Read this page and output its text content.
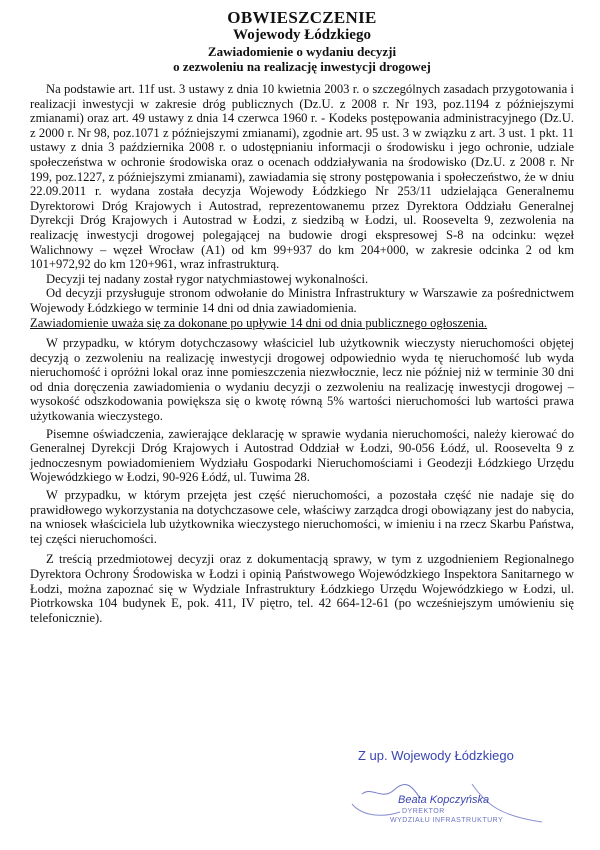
OBWIESZCZENIE
Wojewody Łódzkiego
Zawiadomienie o wydaniu decyzji
o zezwoleniu na realizację inwestycji drogowej

Na podstawie art. 11f ust. 3 ustawy z dnia 10 kwietnia 2003 r. o szczególnych zasadach przygotowania i realizacji inwestycji w zakresie dróg publicznych (Dz.U. z 2008 r. Nr 193, poz.1194 z późniejszymi zmianami) oraz art. 49 ustawy z dnia 14 czerwca 1960 r. - Kodeks postępowania administracyjnego (Dz.U. z 2000 r. Nr 98, poz.1071 z późniejszymi zmianami), zgodnie art. 95 ust. 3 w związku z art. 3 ust. 1 pkt. 11 ustawy z dnia 3 października 2008 r. o udostępnianiu informacji o środowisku i jego ochronie, udziale społeczeństwa w ochronie środowiska oraz o ocenach oddziaływania na środowisko (Dz.U. z 2008 r. Nr 199, poz.1227, z późniejszymi zmianami), zawiadamia się strony postępowania i społeczeństwo, że w dniu 22.09.2011 r. wydana została decyzja Wojewody Łódzkiego Nr 253/11 udzielająca Generalnemu Dyrektorowi Dróg Krajowych i Autostrad, reprezentowanemu przez Dyrektora Oddziału Generalnej Dyrekcji Dróg Krajowych i Autostrad w Łodzi, z siedzibą w Łodzi, ul. Roosevelta 9, zezwolenia na realizację inwestycji drogowej polegającej na budowie drogi ekspresowej S-8 na odcinku: węzeł Walichnowy – węzeł Wrocław (A1) od km 99+937 do km 204+000, w zakresie odcinka 2 od km 101+972,92 do km 120+961, wraz infrastrukturą.

Decyzji tej nadany został rygor natychmiastowej wykonalności.

Od decyzji przysługuje stronom odwołanie do Ministra Infrastruktury w Warszawie za pośrednictwem Wojewody Łódzkiego w terminie 14 dni od dnia zawiadomienia.

Zawiadomienie uważa się za dokonane po upływie 14 dni od dnia publicznego ogłoszenia.

W przypadku, w którym dotychczasowy właściciel lub użytkownik wieczysty nieruchomości objętej decyzją o zezwoleniu na realizację inwestycji drogowej odpowiednio wyda tę nieruchomość lub wyda nieruchomość i opróżni lokal oraz inne pomieszczenia niezwłocznie, lecz nie później niż w terminie 30 dni od dnia doręczenia zawiadomienia o wydaniu decyzji o zezwoleniu na realizację inwestycji drogowej – wysokość odszkodowania powiększa się o kwotę równą 5% wartości nieruchomości lub wartości prawa użytkowania wieczystego.

Pisemne oświadczenia, zawierające deklarację w sprawie wydania nieruchomości, należy kierować do Generalnej Dyrekcji Dróg Krajowych i Autostrad Oddział w Łodzi, 90-056 Łódź, ul. Roosevelta 9 z jednoczesnym powiadomieniem Wydziału Gospodarki Nieruchomościami i Geodezji Łódzkiego Urzędu Wojewódzkiego w Łodzi, 90-926 Łódź, ul. Tuwima 28.

W przypadku, w którym przejęta jest część nieruchomości, a pozostała część nie nadaje się do prawidłowego wykorzystania na dotychczasowe cele, właściwy zarządca drogi obowiązany jest do nabycia, na wniosek właściciela lub użytkownika wieczystego nieruchomości, w imieniu i na rzecz Skarbu Państwa, tej części nieruchomości.

Z treścią przedmiotowej decyzji oraz z dokumentacją sprawy, w tym z uzgodnieniem Regionalnego Dyrektora Ochrony Środowiska w Łodzi i opinią Państwowego Wojewódzkiego Inspektora Sanitarnego w Łodzi, można zapoznać się w Wydziale Infrastruktury Łódzkiego Urzędu Wojewódzkiego w Łodzi, ul. Piotrkowska 104 budynek E, pok. 411, IV piętro, tel. 42 664-12-61 (po wcześniejszym umówieniu się telefonicznie).

Z up. Wojewody Łódzkiego
Beata Kopczyńska
DYREKTOR
WYDZIAŁU INFRASTRUKTURY
